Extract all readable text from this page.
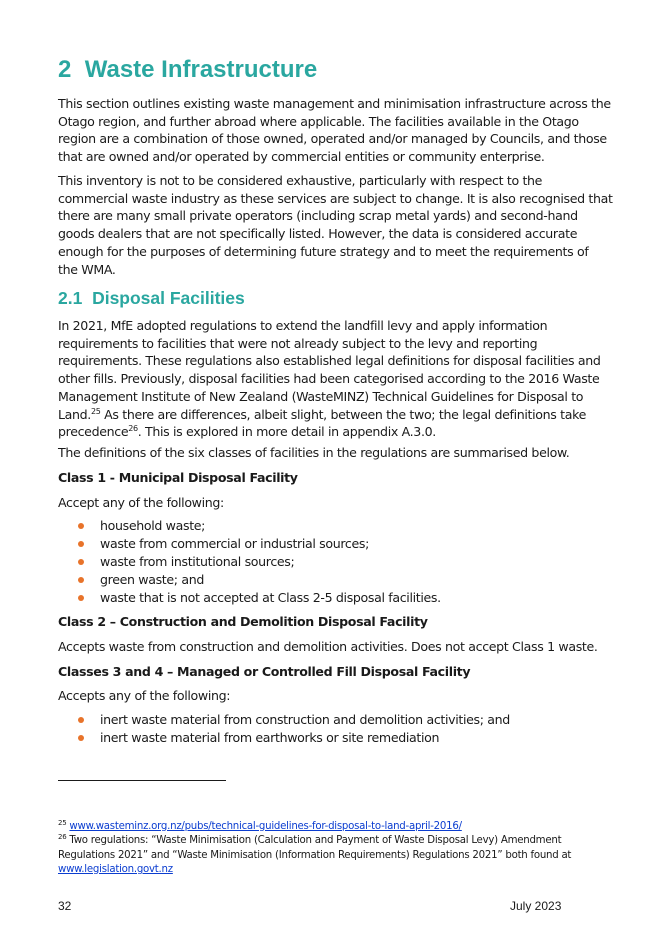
2 Waste Infrastructure

This section outlines existing waste management and minimisation infrastructure across the
Otago region, and further abroad where applicable. The facilities available in the Otago
region are a combination of those owned, operated and/or managed by Councils, and those
that are owned and/or operated by commercial entities or community enterprise.

This inventory is not to be considered exhaustive, particularly with respect to the
commercial waste industry as these services are subject to change. It is also recognised that
there are many small private operators (including scrap metal yards) and second-hand
goods dealers that are not specifically listed. However, the data is considered accurate
enough for the purposes of determining future strategy and to meet the requirements of
the WMA.

2.1 Disposal Facilities

In 2021, MfE adopted regulations to extend the landfill levy and apply information
requirements to facilities that were not already subject to the levy and reporting
requirements. These regulations also established legal definitions for disposal facilities and
other fills. Previously, disposal facilities had been categorised according to the 2016 Waste
Management Institute of New Zealand (WasteMINZ) Technical Guidelines for Disposal to
Land.$^{25}$ As there are differences, albeit slight, between the two; the legal definitions take
precedence$^{26}$. This is explored in more detail in appendix A.3.0.

The definitions of the six classes of facilities in the regulations are summarised below.

Class 1 - Municipal Disposal Facility

Accept any of the following:

household waste;
waste from commercial or industrial sources;
waste from institutional sources;
green waste; and
waste that is not accepted at Class 2-5 disposal facilities.

Class 2 – Construction and Demolition Disposal Facility

Accepts waste from construction and demolition activities. Does not accept Class 1 waste.

Classes 3 and 4 – Managed or Controlled Fill Disposal Facility

Accepts any of the following:

inert waste material from construction and demolition activities; and
inert waste material from earthworks or site remediation
$^{25}$ www.wasteminz.org.nz/pubs/technical-guidelines-for-disposal-to-land-april-2016/
$^{26}$ Two regulations: “Waste Minimisation (Calculation and Payment of Waste Disposal Levy) Amendment
Regulations 2021” and “Waste Minimisation (Information Requirements) Regulations 2021” both found at
www.legislation.govt.nz
32	July 2023
